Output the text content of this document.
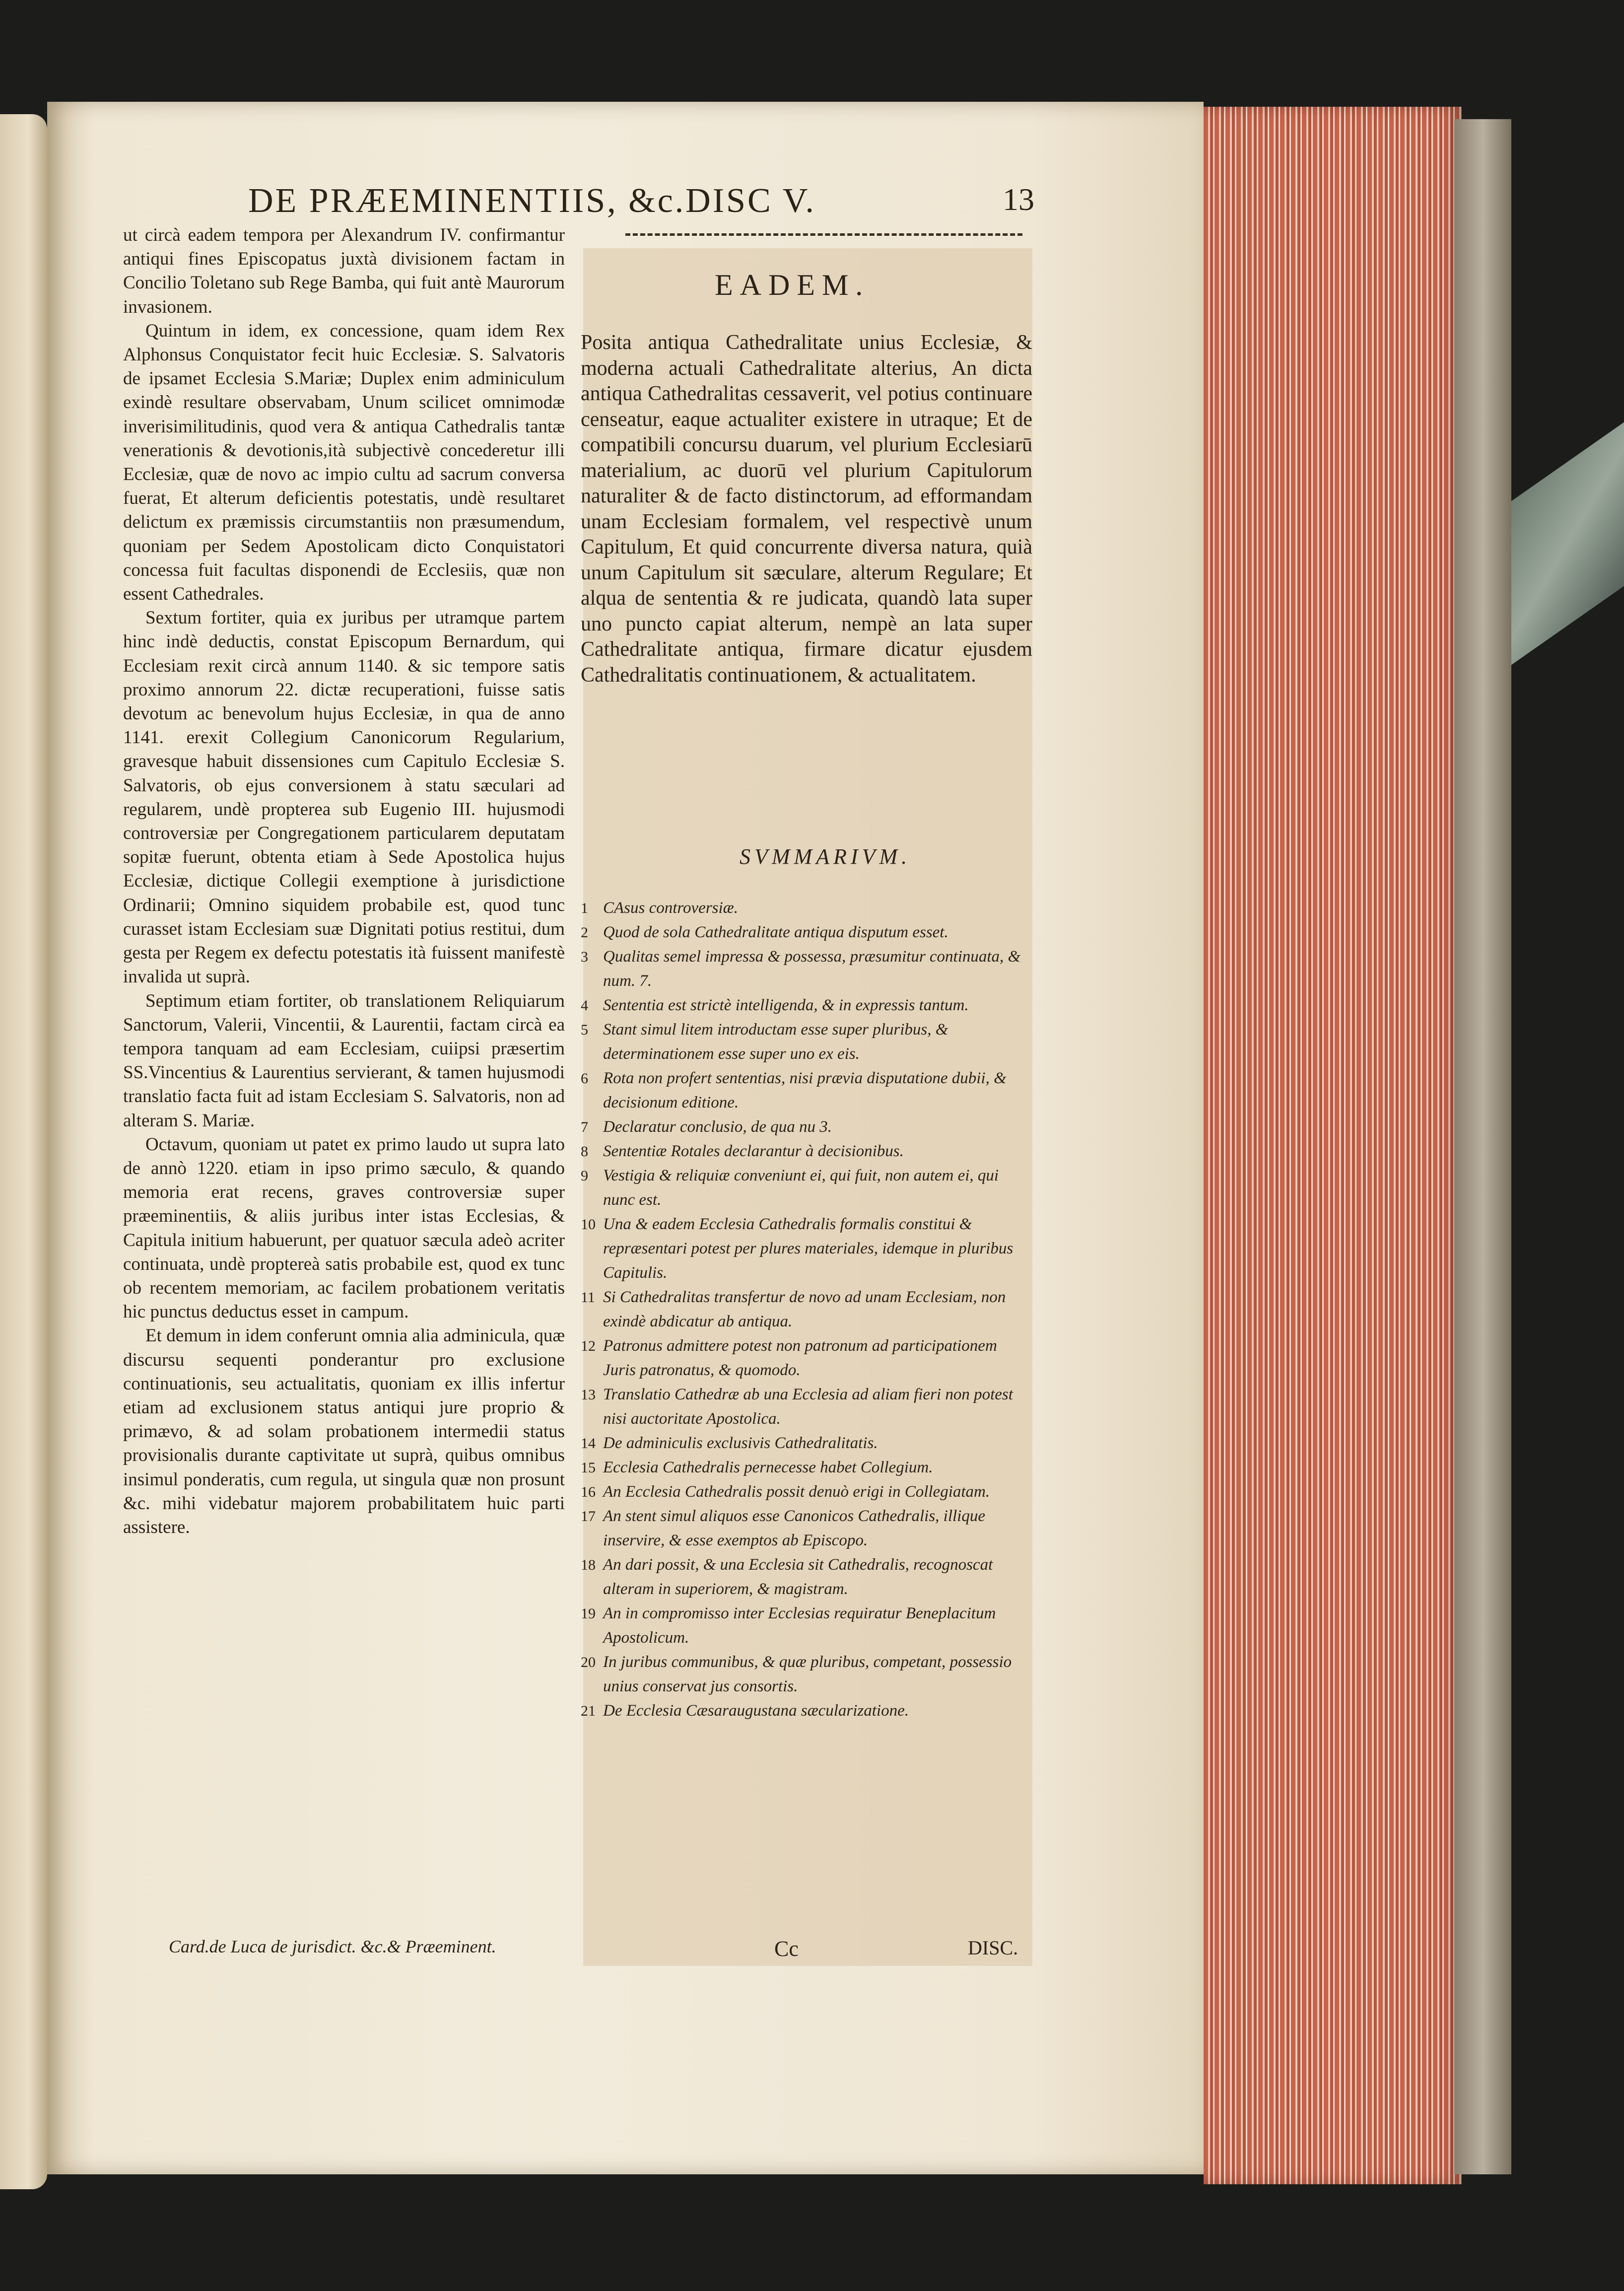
DE PRÆEMINENTIIS, &c.DISC V.	13

ut circà eadem tempora per Alexandrum IV. confirmantur antiqui fines Episcopatus juxtà divisionem factam in Concilio Toletano sub Rege Bamba, qui fuit antè Maurorum invasionem.

Quintum in idem, ex concessione, quam idem Rex Alphonsus Conquistator fecit huic Ecclesiæ. S. Salvatoris de ipsamet Ecclesia S.Mariæ; Duplex enim adminiculum exindè resultare observabam, Unum scilicet omnimodæ inverisimilitudinis, quod vera & antiqua Cathedralis tantæ venerationis & devotionis,ità subjectivè concederetur illi Ecclesiæ, quæ de novo ac impio cultu ad sacrum conversa fuerat, Et alterum deficientis potestatis, undè resultaret delictum ex præmissis circumstantiis non præsumendum, quoniam per Sedem Apostolicam dicto Conquistatori concessa fuit facultas disponendi de Ecclesiis, quæ non essent Cathedrales.

Sextum fortiter, quia ex juribus per utramque partem hinc indè deductis, constat Episcopum Bernardum, qui Ecclesiam rexit circà annum 1140. & sic tempore satis proximo annorum 22. dictæ recuperationi, fuisse satis devotum ac benevolum hujus Ecclesiæ, in qua de anno 1141. erexit Collegium Canonicorum Regularium, gravesque habuit dissensiones cum Capitulo Ecclesiæ S. Salvatoris, ob ejus conversionem à statu sæculari ad regularem, undè propterea sub Eugenio III. hujusmodi controversiæ per Congregationem particularem deputatam sopitæ fuerunt, obtenta etiam à Sede Apostolica hujus Ecclesiæ, dictique Collegii exemptione à jurisdictione Ordinarii; Omnino siquidem probabile est, quod tunc curasset istam Ecclesiam suæ Dignitati potius restitui, dum gesta per Regem ex defectu potestatis ità fuissent manifestè invalida ut suprà.

Septimum etiam fortiter, ob translationem Reliquiarum Sanctorum, Valerii, Vincentii, & Laurentii, factam circà ea tempora tanquam ad eam Ecclesiam, cuiipsi præsertim SS.Vincentius & Laurentius servierant, & tamen hujusmodi translatio facta fuit ad istam Ecclesiam S. Salvatoris, non ad alteram S. Mariæ.

Octavum, quoniam ut patet ex primo laudo ut supra lato de annò 1220. etiam in ipso primo sæculo, & quando memoria erat recens, graves controversiæ super præeminentiis, & aliis juribus inter istas Ecclesias, & Capitula initium habuerunt, per quatuor sæcula adeò acriter continuata, undè proptereà satis probabile est, quod ex tunc ob recentem memoriam, ac facilem probationem veritatis hic punctus deductus esset in campum.

Et demum in idem conferunt omnia alia adminicula, quæ discursu sequenti ponderantur pro exclusione continuationis, seu actualitatis, quoniam ex illis infertur etiam ad exclusionem status antiqui jure proprio & primævo, & ad solam probationem intermedii status provisionalis durante captivitate ut suprà, quibus omnibus insimul ponderatis, cum regula, ut singula quæ non prosunt &c. mihi videbatur majorem probabilitatem huic parti assistere.

EADEM.

Posita antiqua Cathedralitate unius Ecclesiæ, & moderna actuali Cathedralitate alterius, An dicta antiqua Cathedralitas cessaverit, vel potius continuare censeatur, eaque actualiter existere in utraque; Et de compatibili concursu duarum, vel plurium Ecclesiarū materialium, ac duorū vel plurium Capitulorum naturaliter & de facto distinctorum, ad efformandam unam Ecclesiam formalem, vel respectivè unum Capitulum, Et quid concurrente diversa natura, quià unum Capitulum sit sæculare, alterum Regulare; Et alqua de sententia & re judicata, quandò lata super uno puncto capiat alterum, nempè an lata super Cathedralitate antiqua, firmare dicatur ejusdem Cathedralitatis continuationem, & actualitatem.

SVMMARIVM.
1 CAsus controversiæ.
2 Quod de sola Cathedralitate antiqua disputum esset.
3 Qualitas semel impressa & possessa, præsumitur continuata, & num. 7.
4 Sententia est strictè intelligenda, & in expressis tantum.
5 Stant simul litem introductam esse super pluribus, & determinationem esse super uno ex eis.
6 Rota non profert sententias, nisi prævia disputatione dubii, & decisionum editione.
7 Declaratur conclusio, de qua nu 3.
8 Sententiæ Rotales declarantur à decisionibus.
9 Vestigia & reliquiæ conveniunt ei, qui fuit, non autem ei, qui nunc est.
10 Una & eadem Ecclesia Cathedralis formalis constitui & repræsentari potest per plures materiales, idemque in pluribus Capitulis.
11 Si Cathedralitas transfertur de novo ad unam Ecclesiam, non exindè abdicatur ab antiqua.
12 Patronus admittere potest non patronum ad participationem Juris patronatus, & quomodo.
13 Translatio Cathedræ ab una Ecclesia ad aliam fieri non potest nisi auctoritate Apostolica.
14 De adminiculis exclusivis Cathedralitatis.
15 Ecclesia Cathedralis pernecesse habet Collegium.
16 An Ecclesia Cathedralis possit denuò erigi in Collegiatam.
17 An stent simul aliquos esse Canonicos Cathedralis, illique inservire, & esse exemptos ab Episcopo.
18 An dari possit, & una Ecclesia sit Cathedralis, recognoscat alteram in superiorem, & magistram.
19 An in compromisso inter Ecclesias requiratur Beneplacitum Apostolicum.
20 In juribus communibus, & quæ pluribus, competant, possessio unius conservat jus consortis.
21 De Ecclesia Cæsaraugustana sæcularizatione.
Card.de Luca de jurisdict. &c.& Præeminent.	Cc	DISC.
